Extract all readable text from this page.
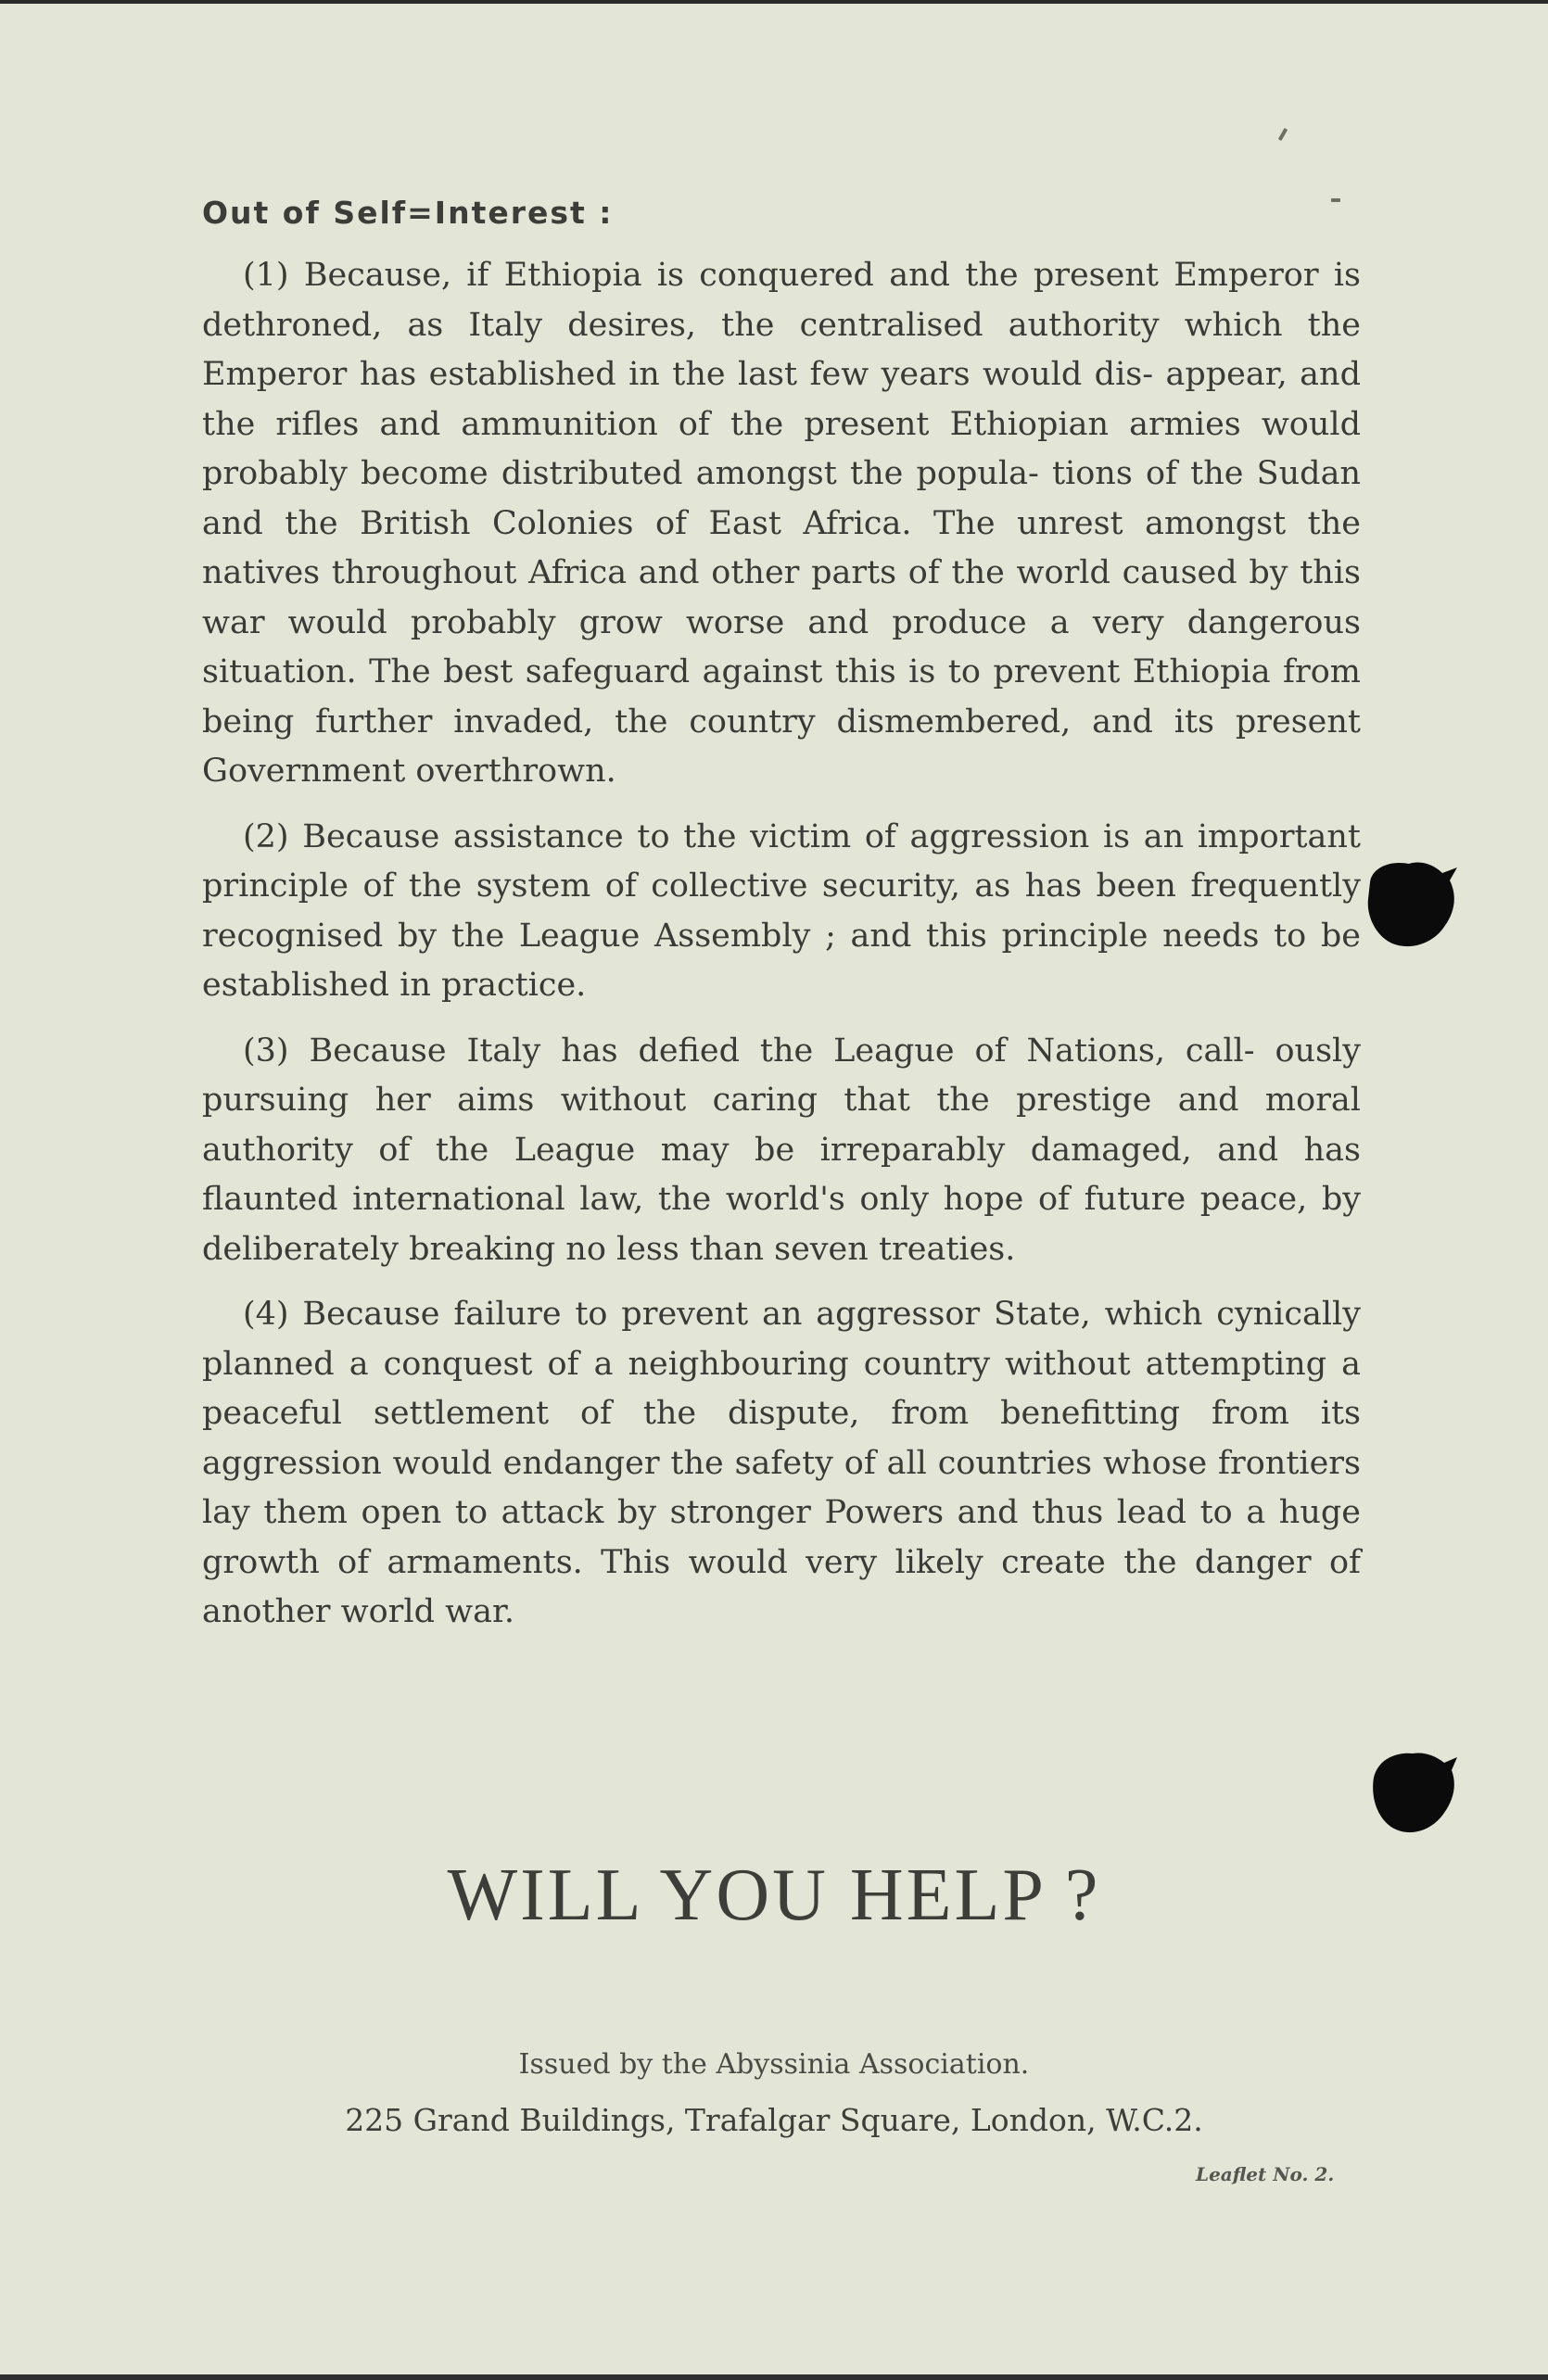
Out of Self=Interest :

(1) Because, if Ethiopia is conquered and the present Emperor is dethroned, as Italy desires, the centralised authority which the Emperor has established in the last few years would dis- appear, and the rifles and ammunition of the present Ethiopian armies would probably become distributed amongst the popula- tions of the Sudan and the British Colonies of East Africa. The unrest amongst the natives throughout Africa and other parts of the world caused by this war would probably grow worse and produce a very dangerous situation. The best safeguard against this is to prevent Ethiopia from being further invaded, the country dismembered, and its present Government overthrown.

(2) Because assistance to the victim of aggression is an important principle of the system of collective security, as has been frequently recognised by the League Assembly ; and this principle needs to be established in practice.

(3) Because Italy has defied the League of Nations, call- ously pursuing her aims without caring that the prestige and moral authority of the League may be irreparably damaged, and has flaunted international law, the world's only hope of future peace, by deliberately breaking no less than seven treaties.

(4) Because failure to prevent an aggressor State, which cynically planned a conquest of a neighbouring country without attempting a peaceful settlement of the dispute, from benefitting from its aggression would endanger the safety of all countries whose frontiers lay them open to attack by stronger Powers and thus lead to a huge growth of armaments. This would very likely create the danger of another world war.

WILL YOU HELP ?
Issued by the Abyssinia Association.
225 Grand Buildings, Trafalgar Square, London, W.C.2.
Leaflet No. 2.
